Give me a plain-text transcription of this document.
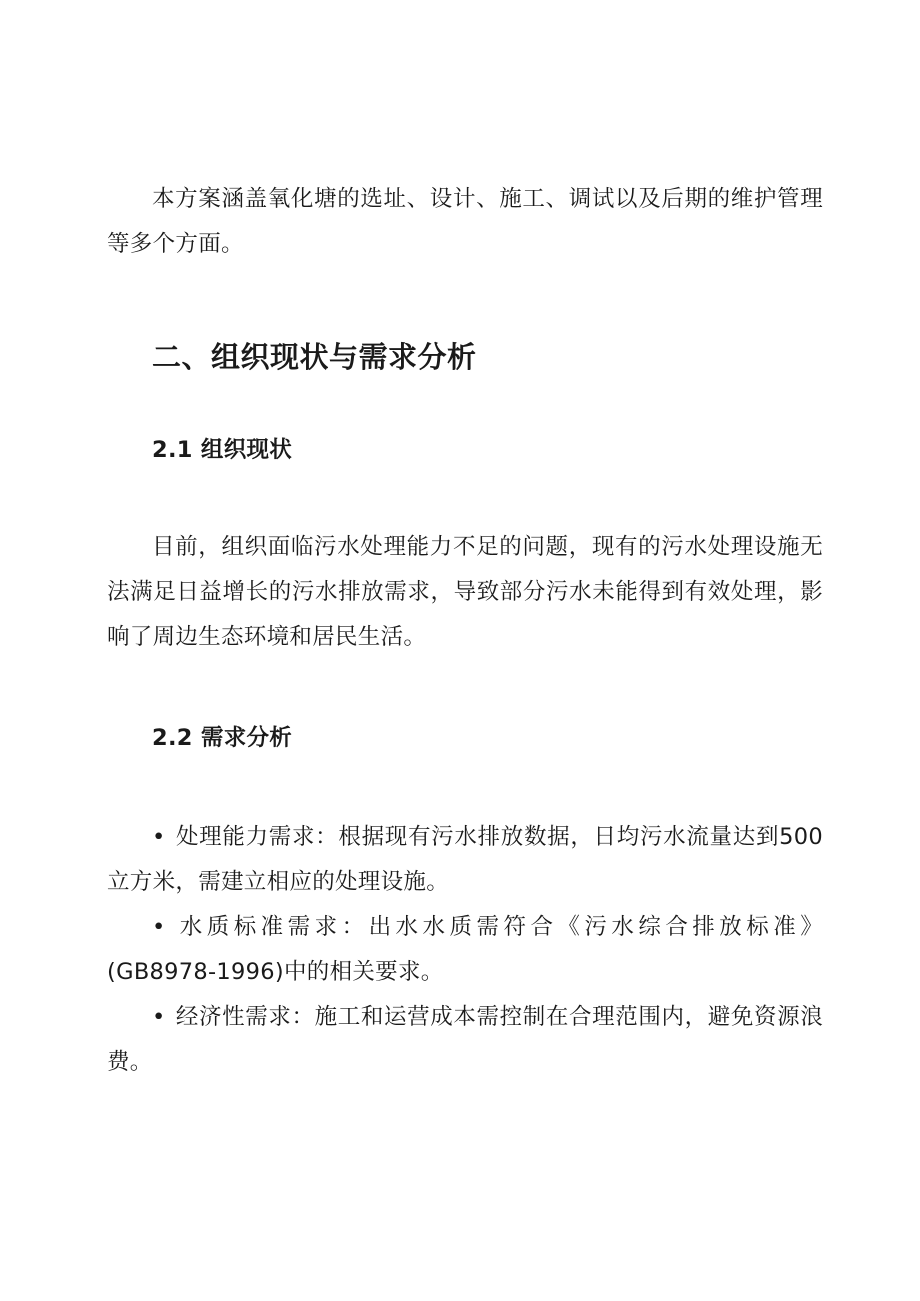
本方案涵盖氧化塘的选址、设计、施工、调试以及后期的维护管理等多个方面。

二、组织现状与需求分析
2.1 组织现状

目前，组织面临污水处理能力不足的问题，现有的污水处理设施无法满足日益增长的污水排放需求，导致部分污水未能得到有效处理，影响了周边生态环境和居民生活。

2.2 需求分析
• 处理能力需求：根据现有污水排放数据，日均污水流量达到500立方米，需建立相应的处理设施。
• 水质标准需求：出水水质需符合《污水综合排放标准》(GB8978-1996)中的相关要求。
• 经济性需求：施工和运营成本需控制在合理范围内，避免资源浪费。
